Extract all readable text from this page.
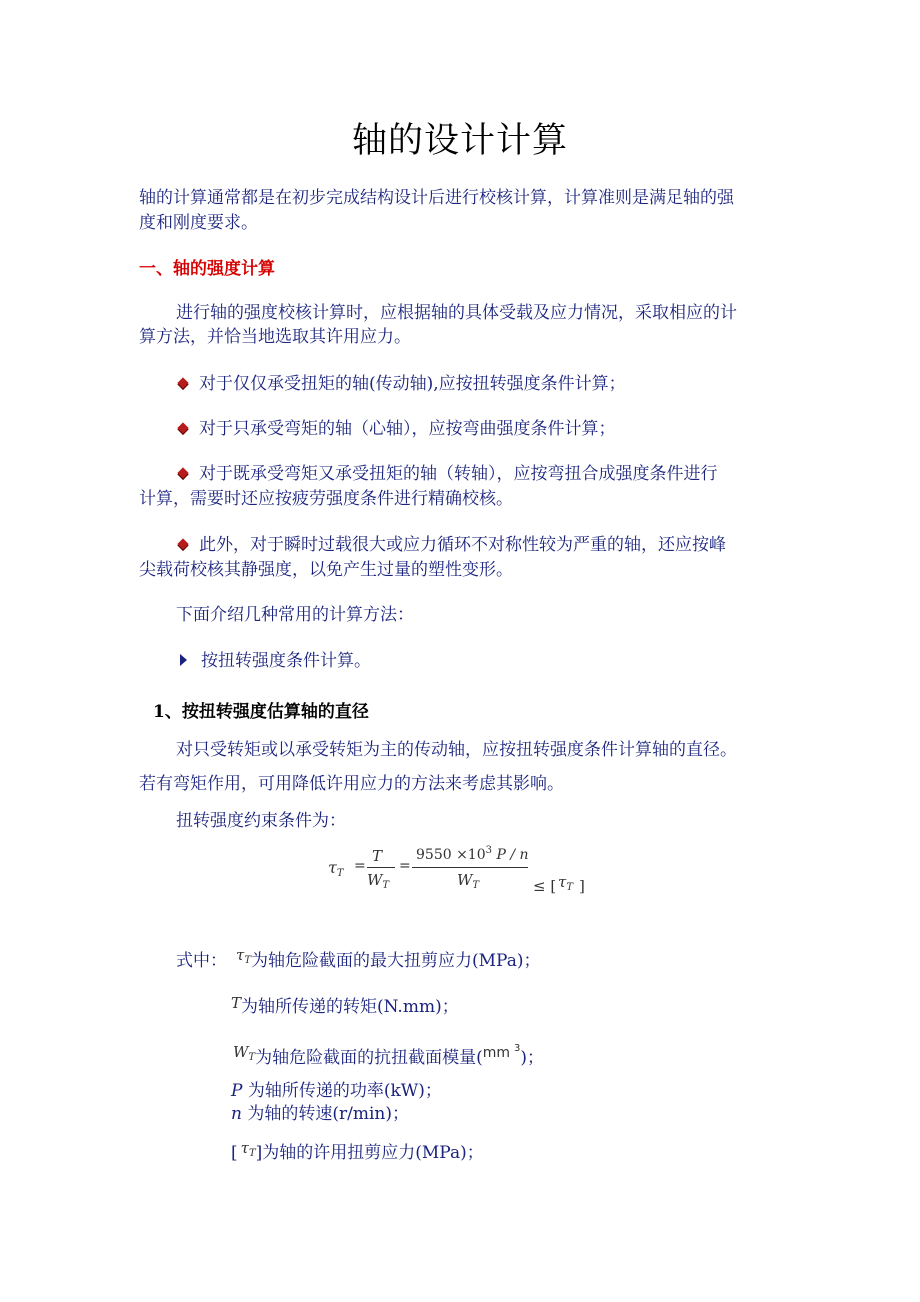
轴的设计计算
轴的计算通常都是在初步完成结构设计后进行校核计算，计算准则是满足轴的强
度和刚度要求。
一、轴的强度计算
进行轴的强度校核计算时，应根据轴的具体受载及应力情况，采取相应的计
算方法，并恰当地选取其许用应力。
对于仅仅承受扭矩的轴(传动轴),应按扭转强度条件计算；
对于只承受弯矩的轴（心轴），应按弯曲强度条件计算；
对于既承受弯矩又承受扭矩的轴（转轴），应按弯扭合成强度条件进行
计算，需要时还应按疲劳强度条件进行精确校核。
此外，对于瞬时过载很大或应力循环不对称性较为严重的轴，还应按峰
尖载荷校核其静强度，以免产生过量的塑性变形。
下面介绍几种常用的计算方法：
按扭转强度条件计算。
1、按扭转强度估算轴的直径
对只受转矩或以承受转矩为主的传动轴，应按扭转强度条件计算轴的直径。
若有弯矩作用，可用降低许用应力的方法来考虑其影响。
扭转强度约束条件为：
$\tau_T$ =
T
$W_T$
=
$9550 \times 10^3$ P / n
$W_T$	≤ [ $\tau_T$ ]
式中： $\tau_T$为轴危险截面的最大扭剪应力(MPa)；
T为轴所传递的转矩(N.mm)；
$W_T$为轴危险截面的抗扭截面模量($^{mm ^3}$)；
P 为轴所传递的功率(kW)；
n 为轴的转速(r/min)；
[ $\tau_T$]为轴的许用扭剪应力(MPa)；
